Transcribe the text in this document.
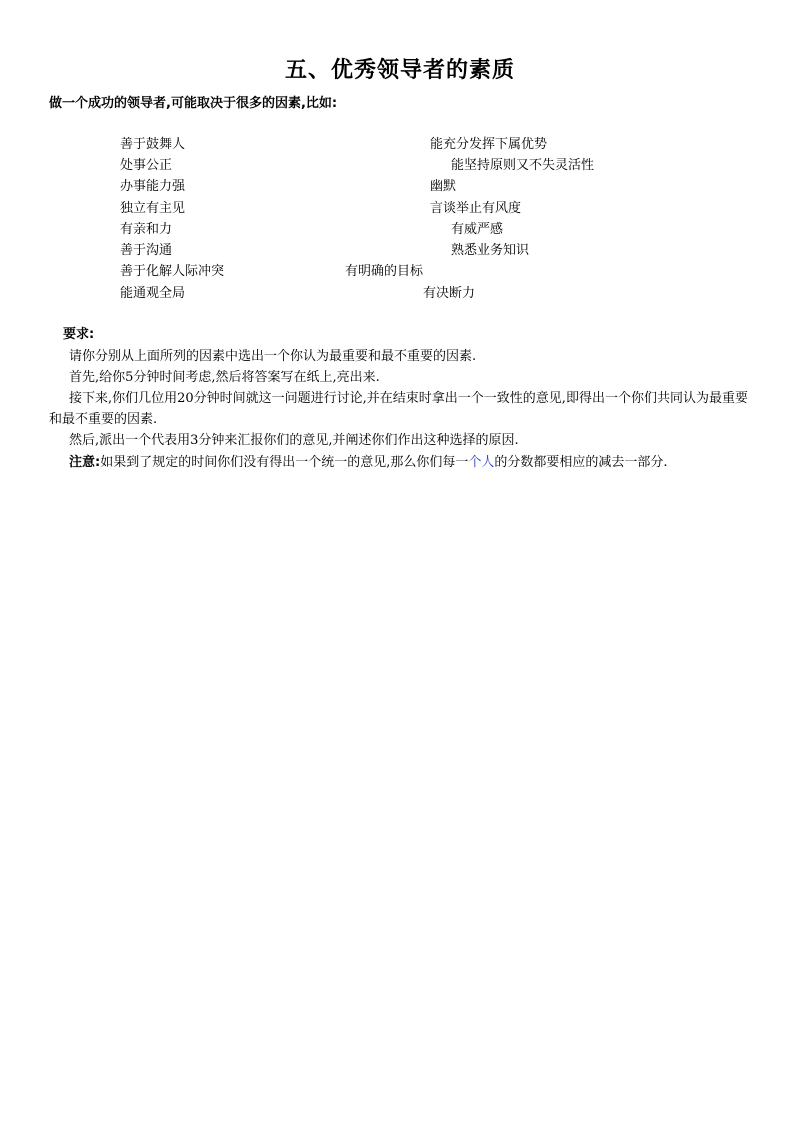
五、优秀领导者的素质
做一个成功的领导者,可能取决于很多的因素,比如:
善于鼓舞人	能充分发挥下属优势
处事公正	能坚持原则又不失灵活性
办事能力强	幽默
独立有主见	言谈举止有风度
有亲和力	有威严感
善于沟通	熟悉业务知识
善于化解人际冲突	有明确的目标
能通观全局	有决断力
要求:

请你分别从上面所列的因素中选出一个你认为最重要和最不重要的因素.

首先,给你5分钟时间考虑,然后将答案写在纸上,亮出来.

接下来,你们几位用20分钟时间就这一问题进行讨论,并在结束时拿出一个一致性的意见,即得出一个你们共同认为最重要和最不重要的因素.

然后,派出一个代表用3分钟来汇报你们的意见,并阐述你们作出这种选择的原因.

注意:如果到了规定的时间你们没有得出一个统一的意见,那么你们每一个人的分数都要相应的减去一部分.
